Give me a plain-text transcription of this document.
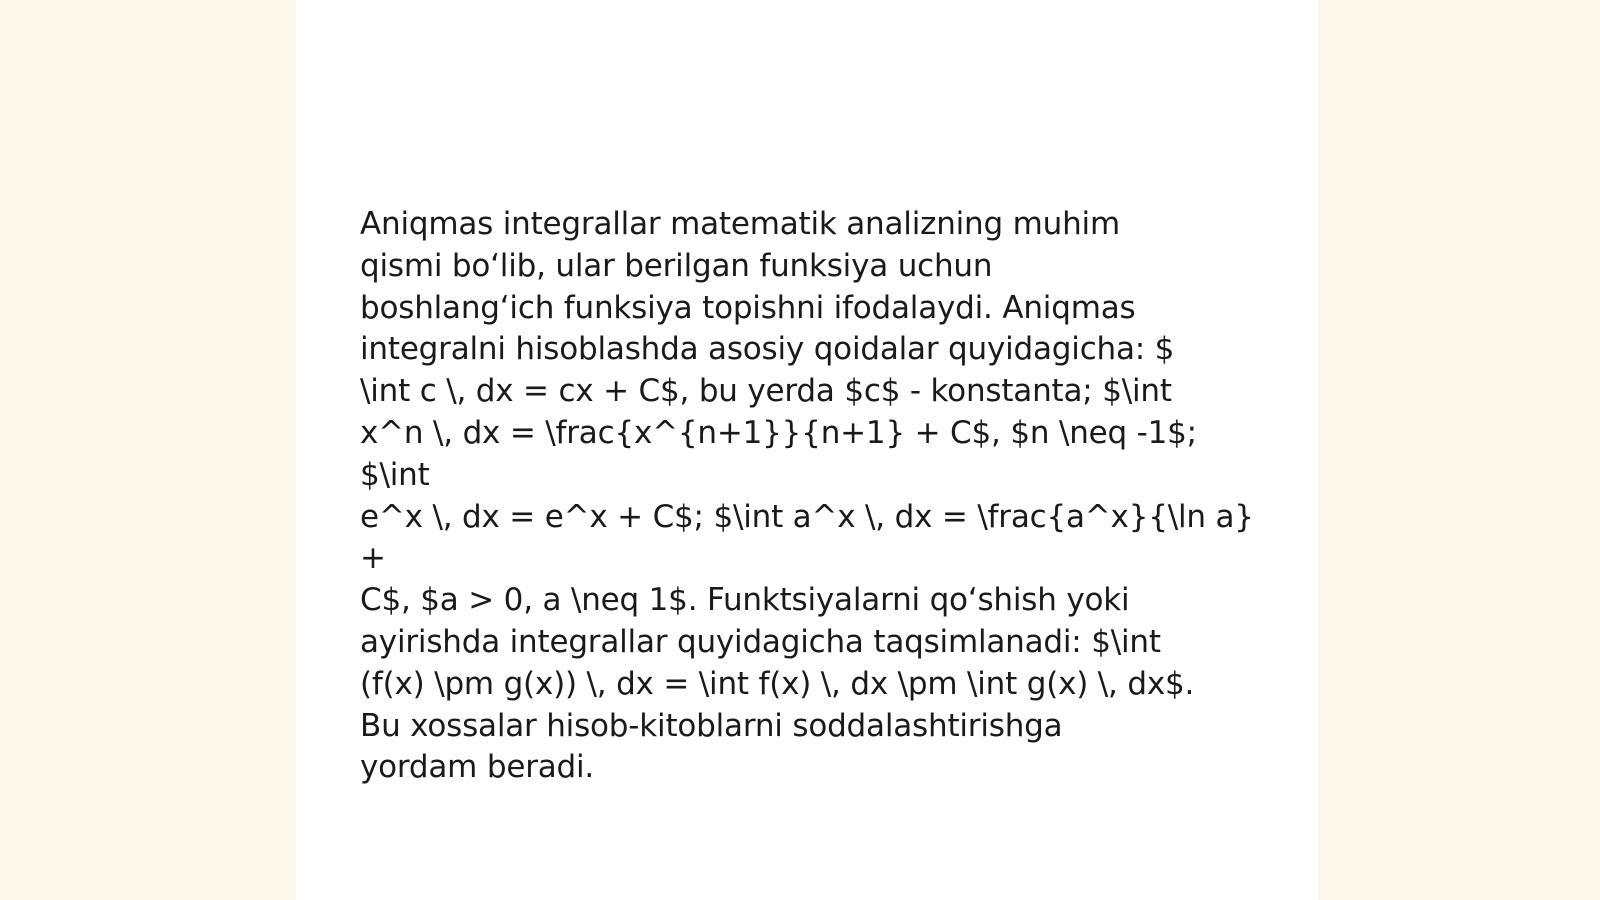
Aniqmas integrallar matematik analizning muhim
qismi bo‘lib, ular berilgan funksiya uchun
boshlang‘ich funksiya topishni ifodalaydi. Aniqmas
integralni hisoblashda asosiy qoidalar quyidagicha: $
\int c \, dx = cx + C$, bu yerda $c$ - konstanta; $\int
x^n \, dx = \frac{x^{n+1}}{n+1} + C$, $n \neq -1$; $\int
e^x \, dx = e^x + C$; $\int a^x \, dx = \frac{a^x}{\ln a} +
C$, $a > 0, a \neq 1$. Funktsiyalarni qo‘shish yoki
ayirishda integrallar quyidagicha taqsimlanadi: $\int
(f(x) \pm g(x)) \, dx = \int f(x) \, dx \pm \int g(x) \, dx$.
Bu xossalar hisob-kitoblarni soddalashtirishga
yordam beradi.
